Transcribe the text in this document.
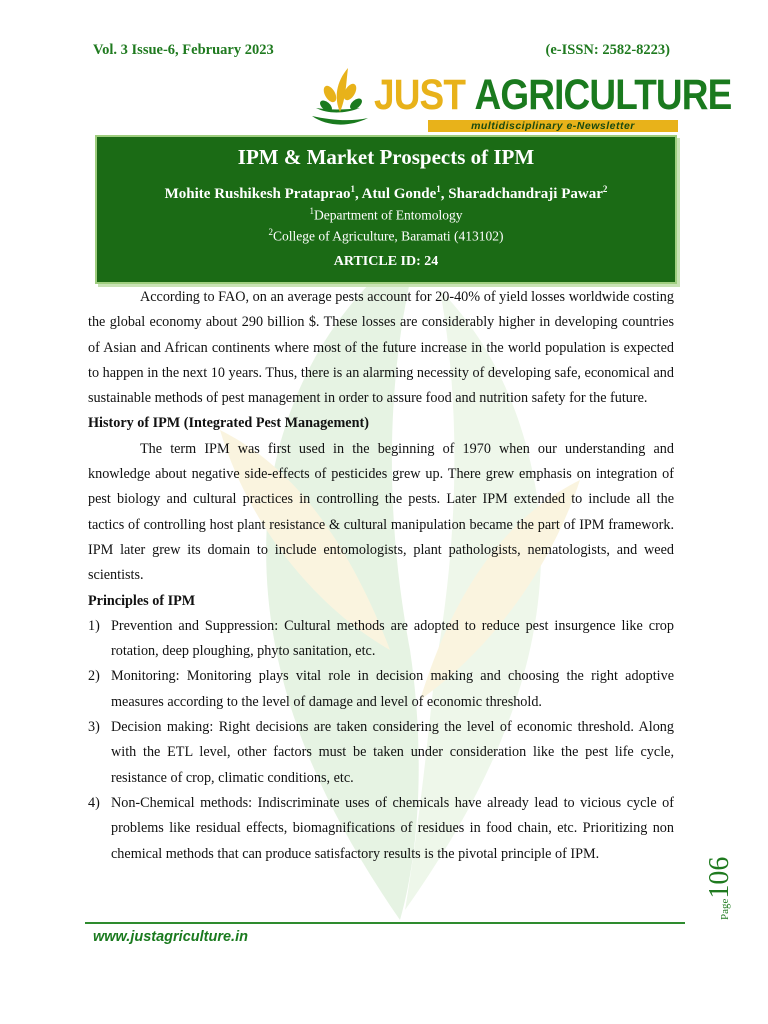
Vol. 3 Issue-6, February 2023	(e-ISSN: 2582-8223)
JUST AGRICULTURE
multidisciplinary e-Newsletter
IPM & Market Prospects of IPM
Mohite Rushikesh Prataprao$^1$, Atul Gonde$^1$, Sharadchandraji Pawar$^2$
$^1$Department of Entomology
$^2$College of Agriculture, Baramati (413102)
ARTICLE ID: 24

According to FAO, on an average pests account for 20-40% of yield losses worldwide costing the global economy about 290 billion $. These losses are considerably higher in developing countries of Asian and African continents where most of the future increase in the world population is expected to happen in the next 10 years. Thus, there is an alarming necessity of developing safe, economical and sustainable methods of pest management in order to assure food and nutrition safety for the future.

History of IPM (Integrated Pest Management)

The term IPM was first used in the beginning of 1970 when our understanding and knowledge about negative side-effects of pesticides grew up. There grew emphasis on integration of pest biology and cultural practices in controlling the pests. Later IPM extended to include all the tactics of controlling host plant resistance & cultural manipulation became the part of IPM framework. IPM later grew its domain to include entomologists, plant pathologists, nematologists, and weed scientists.

Principles of IPM

1) Prevention and Suppression: Cultural methods are adopted to reduce pest insurgence like crop rotation, deep ploughing, phyto sanitation, etc.
2) Monitoring: Monitoring plays vital role in decision making and choosing the right adoptive measures according to the level of damage and level of economic threshold.
3) Decision making: Right decisions are taken considering the level of economic threshold. Along with the ETL level, other factors must be taken under consideration like the pest life cycle, resistance of crop, climatic conditions, etc.
4) Non-Chemical methods: Indiscriminate uses of chemicals have already lead to vicious cycle of problems like residual effects, biomagnifications of residues in food chain, etc. Prioritizing non chemical methods that can produce satisfactory results is the pivotal principle of IPM.
www.justagriculture.in
Page106
